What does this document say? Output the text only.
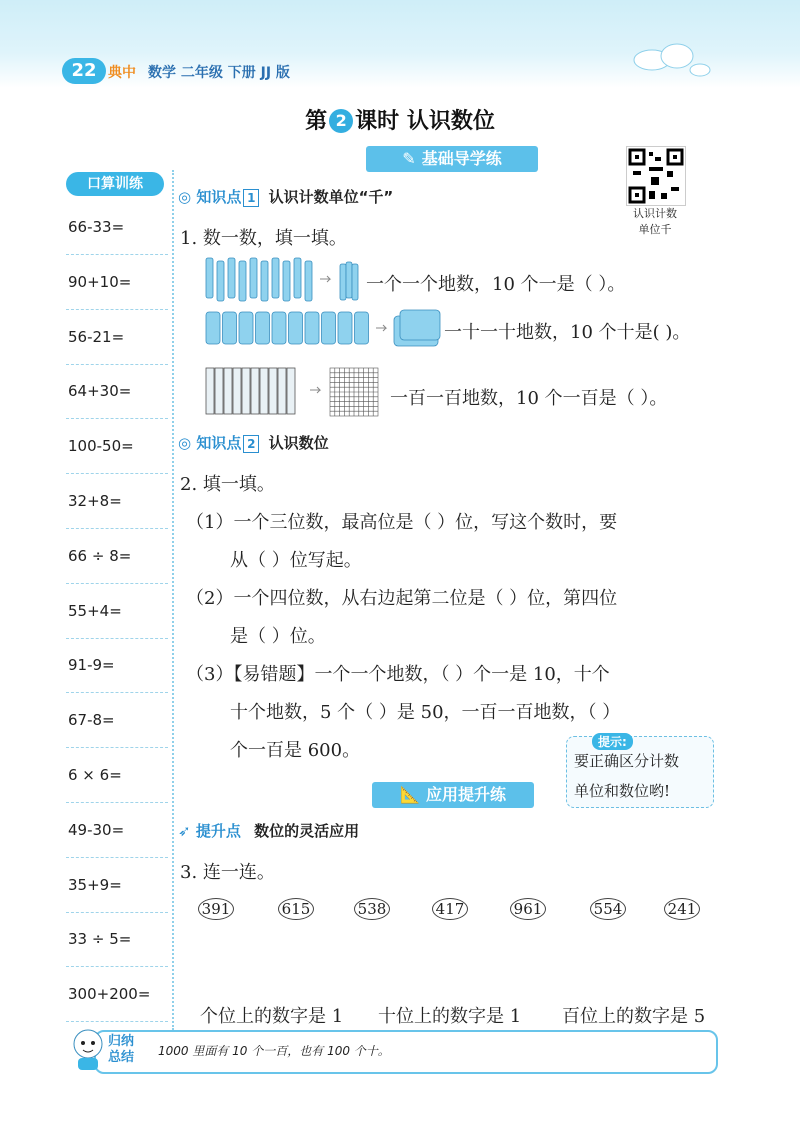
22 典中 数学 二年级 下册 JJ 版
第 2 课时 认识数位
认识计数
单位千
口算训练
66-33=
90+10=
56-21=
64+30=
100-50=
32+8=
66 ÷ 8=
55+4=
91-9=
67-8=
6 × 6=
49-30=
35+9=
33 ÷ 5=
300+200=
✎ 基础导学练
◎ 知识点 1 认识计数单位“千”
1. 数一数，填一填。
一个一个地数，10 个一是（ ）。
一十一十地数，10 个十是( )。
一百一百地数，10 个一百是（ ）。
◎ 知识点 2 认识数位
2. 填一填。
（1）一个三位数，最高位是（ ）位，写这个数时，要
从（ ）位写起。
（2）一个四位数，从右边起第二位是（ ）位，第四位
是（ ）位。
（3）【易错题】一个一个地数，（ ）个一是 10，十个
十个地数，5 个（ ）是 50，一百一百地数，（ ）
个一百是 600。	提示:
要正确区分计数
单位和数位哟!
📐 应用提升练
➶ 提升点 数位的灵活应用
3. 连一连。
391	615	538	417	961	554	241
个位上的数字是 1 十位上的数字是 1 百位上的数字是 5
归纳
总结 1000 里面有 10 个一百，也有 100 个十。
